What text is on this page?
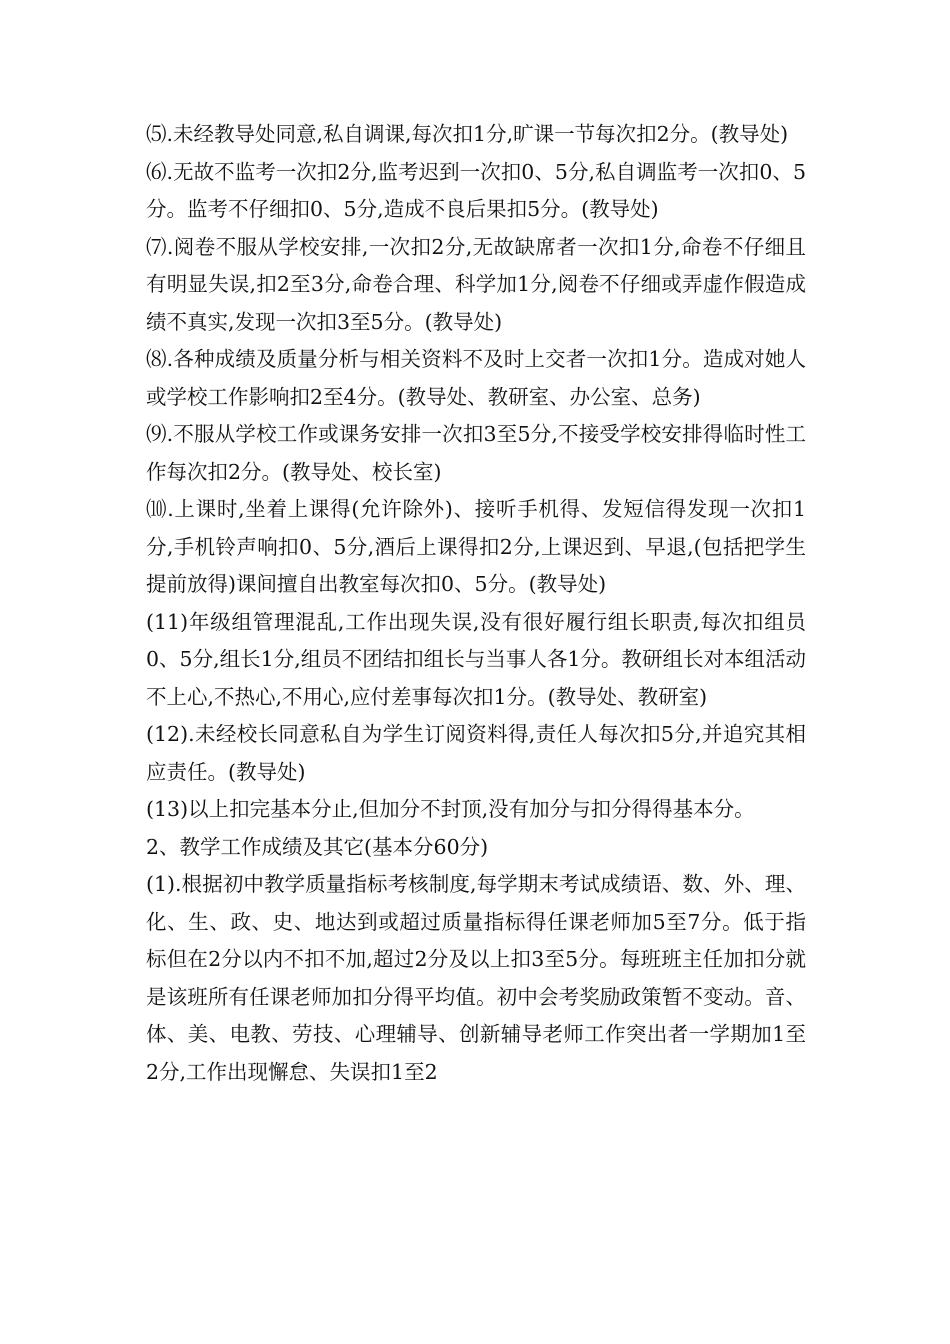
⑸.未经教导处同意,私自调课,每次扣1分,旷课一节每次扣2分。(教导处)

⑹.无故不监考一次扣2分,监考迟到一次扣0、5分,私自调监考一次扣0、5分。监考不仔细扣0、5分,造成不良后果扣5分。(教导处)

⑺.阅卷不服从学校安排,一次扣2分,无故缺席者一次扣1分,命卷不仔细且有明显失误,扣2至3分,命卷合理、科学加1分,阅卷不仔细或弄虚作假造成绩不真实,发现一次扣3至5分。(教导处)

⑻.各种成绩及质量分析与相关资料不及时上交者一次扣1分。造成对她人或学校工作影响扣2至4分。(教导处、教研室、办公室、总务)

⑼.不服从学校工作或课务安排一次扣3至5分,不接受学校安排得临时性工作每次扣2分。(教导处、校长室)

⑽.上课时,坐着上课得(允许除外)、接听手机得、发短信得发现一次扣1分,手机铃声响扣0、5分,酒后上课得扣2分,上课迟到、早退,(包括把学生提前放得)课间擅自出教室每次扣0、5分。(教导处)

(11)年级组管理混乱,工作出现失误,没有很好履行组长职责,每次扣组员0、5分,组长1分,组员不团结扣组长与当事人各1分。教研组长对本组活动不上心,不热心,不用心,应付差事每次扣1分。(教导处、教研室)

(12).未经校长同意私自为学生订阅资料得,责任人每次扣5分,并追究其相应责任。(教导处)

(13)以上扣完基本分止,但加分不封顶,没有加分与扣分得得基本分。

2、教学工作成绩及其它(基本分60分)

(1).根据初中教学质量指标考核制度,每学期末考试成绩语、数、外、理、化、生、政、史、地达到或超过质量指标得任课老师加5至7分。低于指标但在2分以内不扣不加,超过2分及以上扣3至5分。每班班主任加扣分就是该班所有任课老师加扣分得平均值。初中会考奖励政策暂不变动。音、体、美、电教、劳技、心理辅导、创新辅导老师工作突出者一学期加1至2分,工作出现懈怠、失误扣1至2
